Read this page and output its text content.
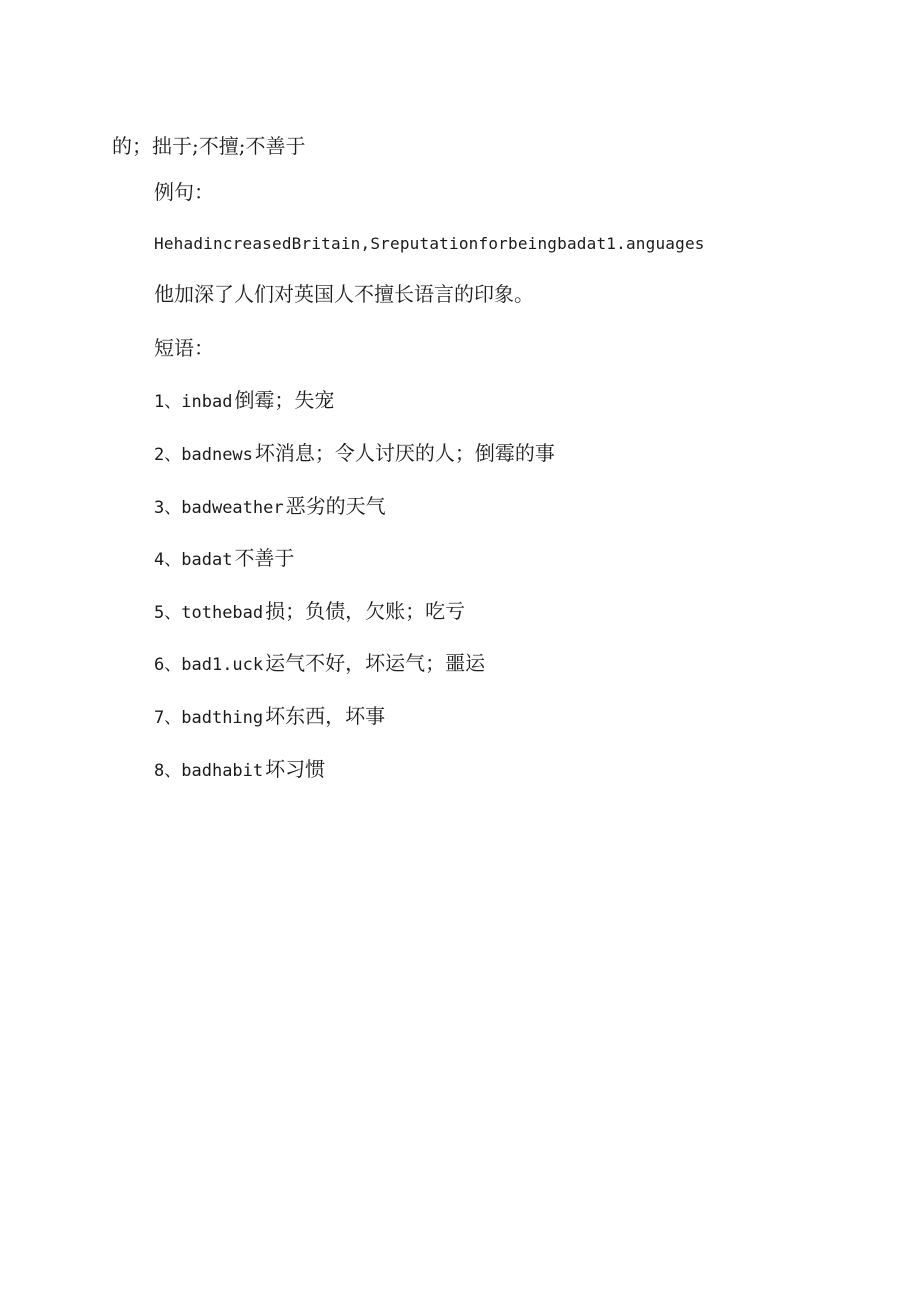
的；拙于;不擅;不善于
例句：
HehadincreasedBritain,Sreputationforbeingbadat1.anguages
他加深了人们对英国人不擅长语言的印象。
短语：
1、inbad 倒霉；失宠
2、badnews 坏消息；令人讨厌的人；倒霉的事
3、badweather 恶劣的天气
4、badat 不善于
5、tothebad 损；负债，欠账；吃亏
6、bad1.uck 运气不好，坏运气；噩运
7、badthing 坏东西，坏事
8、badhabit 坏习惯
